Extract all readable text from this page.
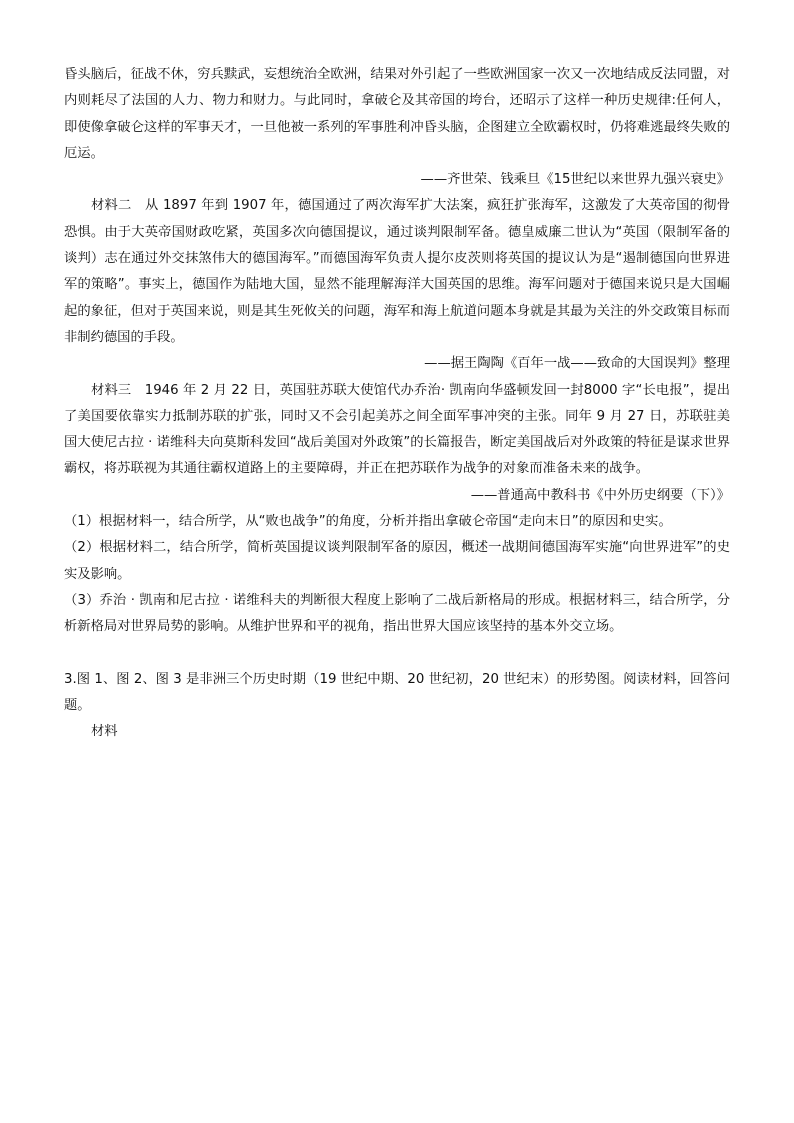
昏头脑后，征战不休，穷兵黩武，妄想统治全欧洲，结果对外引起了一些欧洲国家一次又一次地结成反法同盟，对内则耗尽了法国的人力、物力和财力。与此同时，拿破仑及其帝国的垮台，还昭示了这样一种历史规律:任何人，即使像拿破仑这样的军事天才，一旦他被一系列的军事胜利冲昏头脑，企图建立全欧霸权时，仍将难逃最终失败的厄运。

——齐世荣、钱乘旦《15世纪以来世界九强兴衰史》

材料二　从 1897 年到 1907 年，德国通过了两次海军扩大法案，疯狂扩张海军，这激发了大英帝国的彻骨恐惧。由于大英帝国财政吃紧，英国多次向德国提议，通过谈判限制军备。德皇威廉二世认为“英国（限制军备的谈判）志在通过外交抹煞伟大的德国海军。”而德国海军负责人提尔皮茨则将英国的提议认为是“遏制德国向世界进军的策略”。事实上，德国作为陆地大国，显然不能理解海洋大国英国的思维。海军问题对于德国来说只是大国崛起的象征，但对于英国来说，则是其生死攸关的问题，海军和海上航道问题本身就是其最为关注的外交政策目标而非制约德国的手段。

——据王陶陶《百年一战——致命的大国误判》整理

材料三　1946 年 2 月 22 日，英国驻苏联大使馆代办乔治· 凯南向华盛顿发回一封8000 字“长电报”，提出了美国要依靠实力抵制苏联的扩张，同时又不会引起美苏之间全面军事冲突的主张。同年 9 月 27 日，苏联驻美国大使尼古拉 · 诺维科夫向莫斯科发回“战后美国对外政策”的长篇报告，断定美国战后对外政策的特征是谋求世界霸权，将苏联视为其通往霸权道路上的主要障碍，并正在把苏联作为战争的对象而准备未来的战争。

——普通高中教科书《中外历史纲要（下）》

（1）根据材料一，结合所学，从“败也战争”的角度，分析并指出拿破仑帝国“走向末日”的原因和史实。

（2）根据材料二，结合所学，简析英国提议谈判限制军备的原因，概述一战期间德国海军实施“向世界进军”的史实及影响。

（3）乔治 · 凯南和尼古拉 · 诺维科夫的判断很大程度上影响了二战后新格局的形成。根据材料三，结合所学，分析新格局对世界局势的影响。从维护世界和平的视角，指出世界大国应该坚持的基本外交立场。

3.图 1、图 2、图 3 是非洲三个历史时期（19 世纪中期、20 世纪初，20 世纪末）的形势图。阅读材料，回答问题。

材料
